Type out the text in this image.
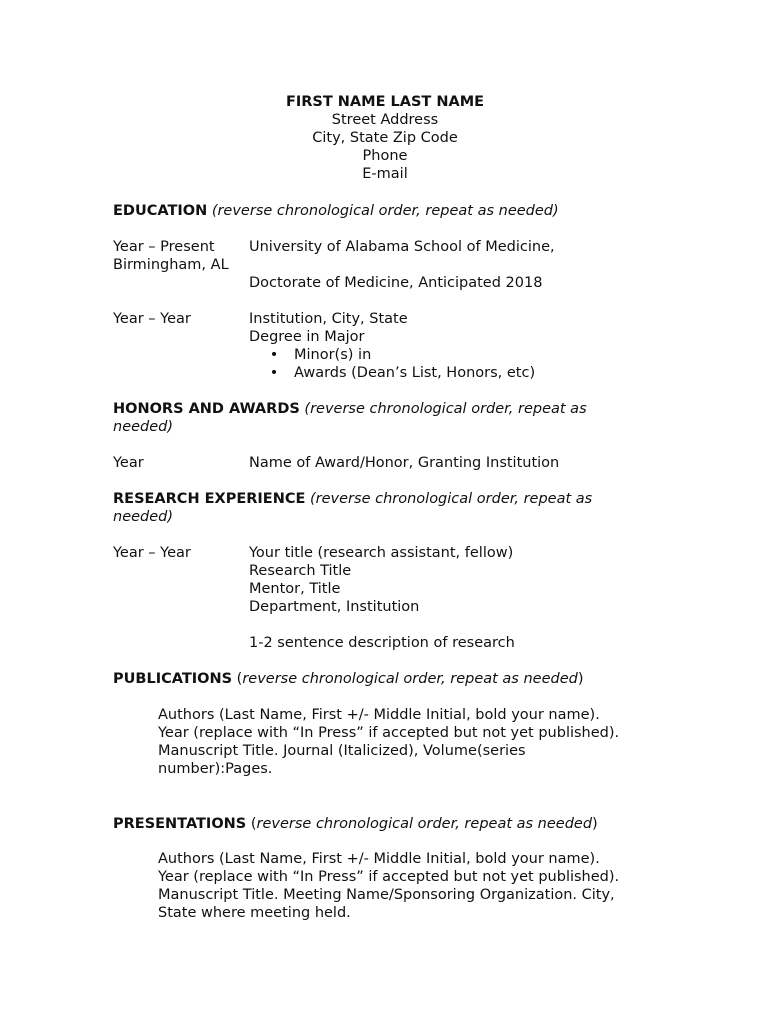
FIRST NAME LAST NAME
Street Address
City, State Zip Code
Phone
E-mail
EDUCATION (reverse chronological order, repeat as needed)
Year – Present University of Alabama School of Medicine,
Birmingham, AL
Doctorate of Medicine, Anticipated 2018
Year – Year	Institution, City, State
Degree in Major
• Minor(s) in
• Awards (Dean’s List, Honors, etc)
HONORS AND AWARDS (reverse chronological order, repeat as
needed)
Year	Name of Award/Honor, Granting Institution
RESEARCH EXPERIENCE (reverse chronological order, repeat as
needed)
Year – Year	Your title (research assistant, fellow)
Research Title
Mentor, Title
Department, Institution
1-2 sentence description of research
PUBLICATIONS (reverse chronological order, repeat as needed)
Authors (Last Name, First +/- Middle Initial, bold your name).
Year (replace with “In Press” if accepted but not yet published).
Manuscript Title. Journal (Italicized), Volume(series
number):Pages.
PRESENTATIONS (reverse chronological order, repeat as needed)
Authors (Last Name, First +/- Middle Initial, bold your name).
Year (replace with “In Press” if accepted but not yet published).
Manuscript Title. Meeting Name/Sponsoring Organization. City,
State where meeting held.
